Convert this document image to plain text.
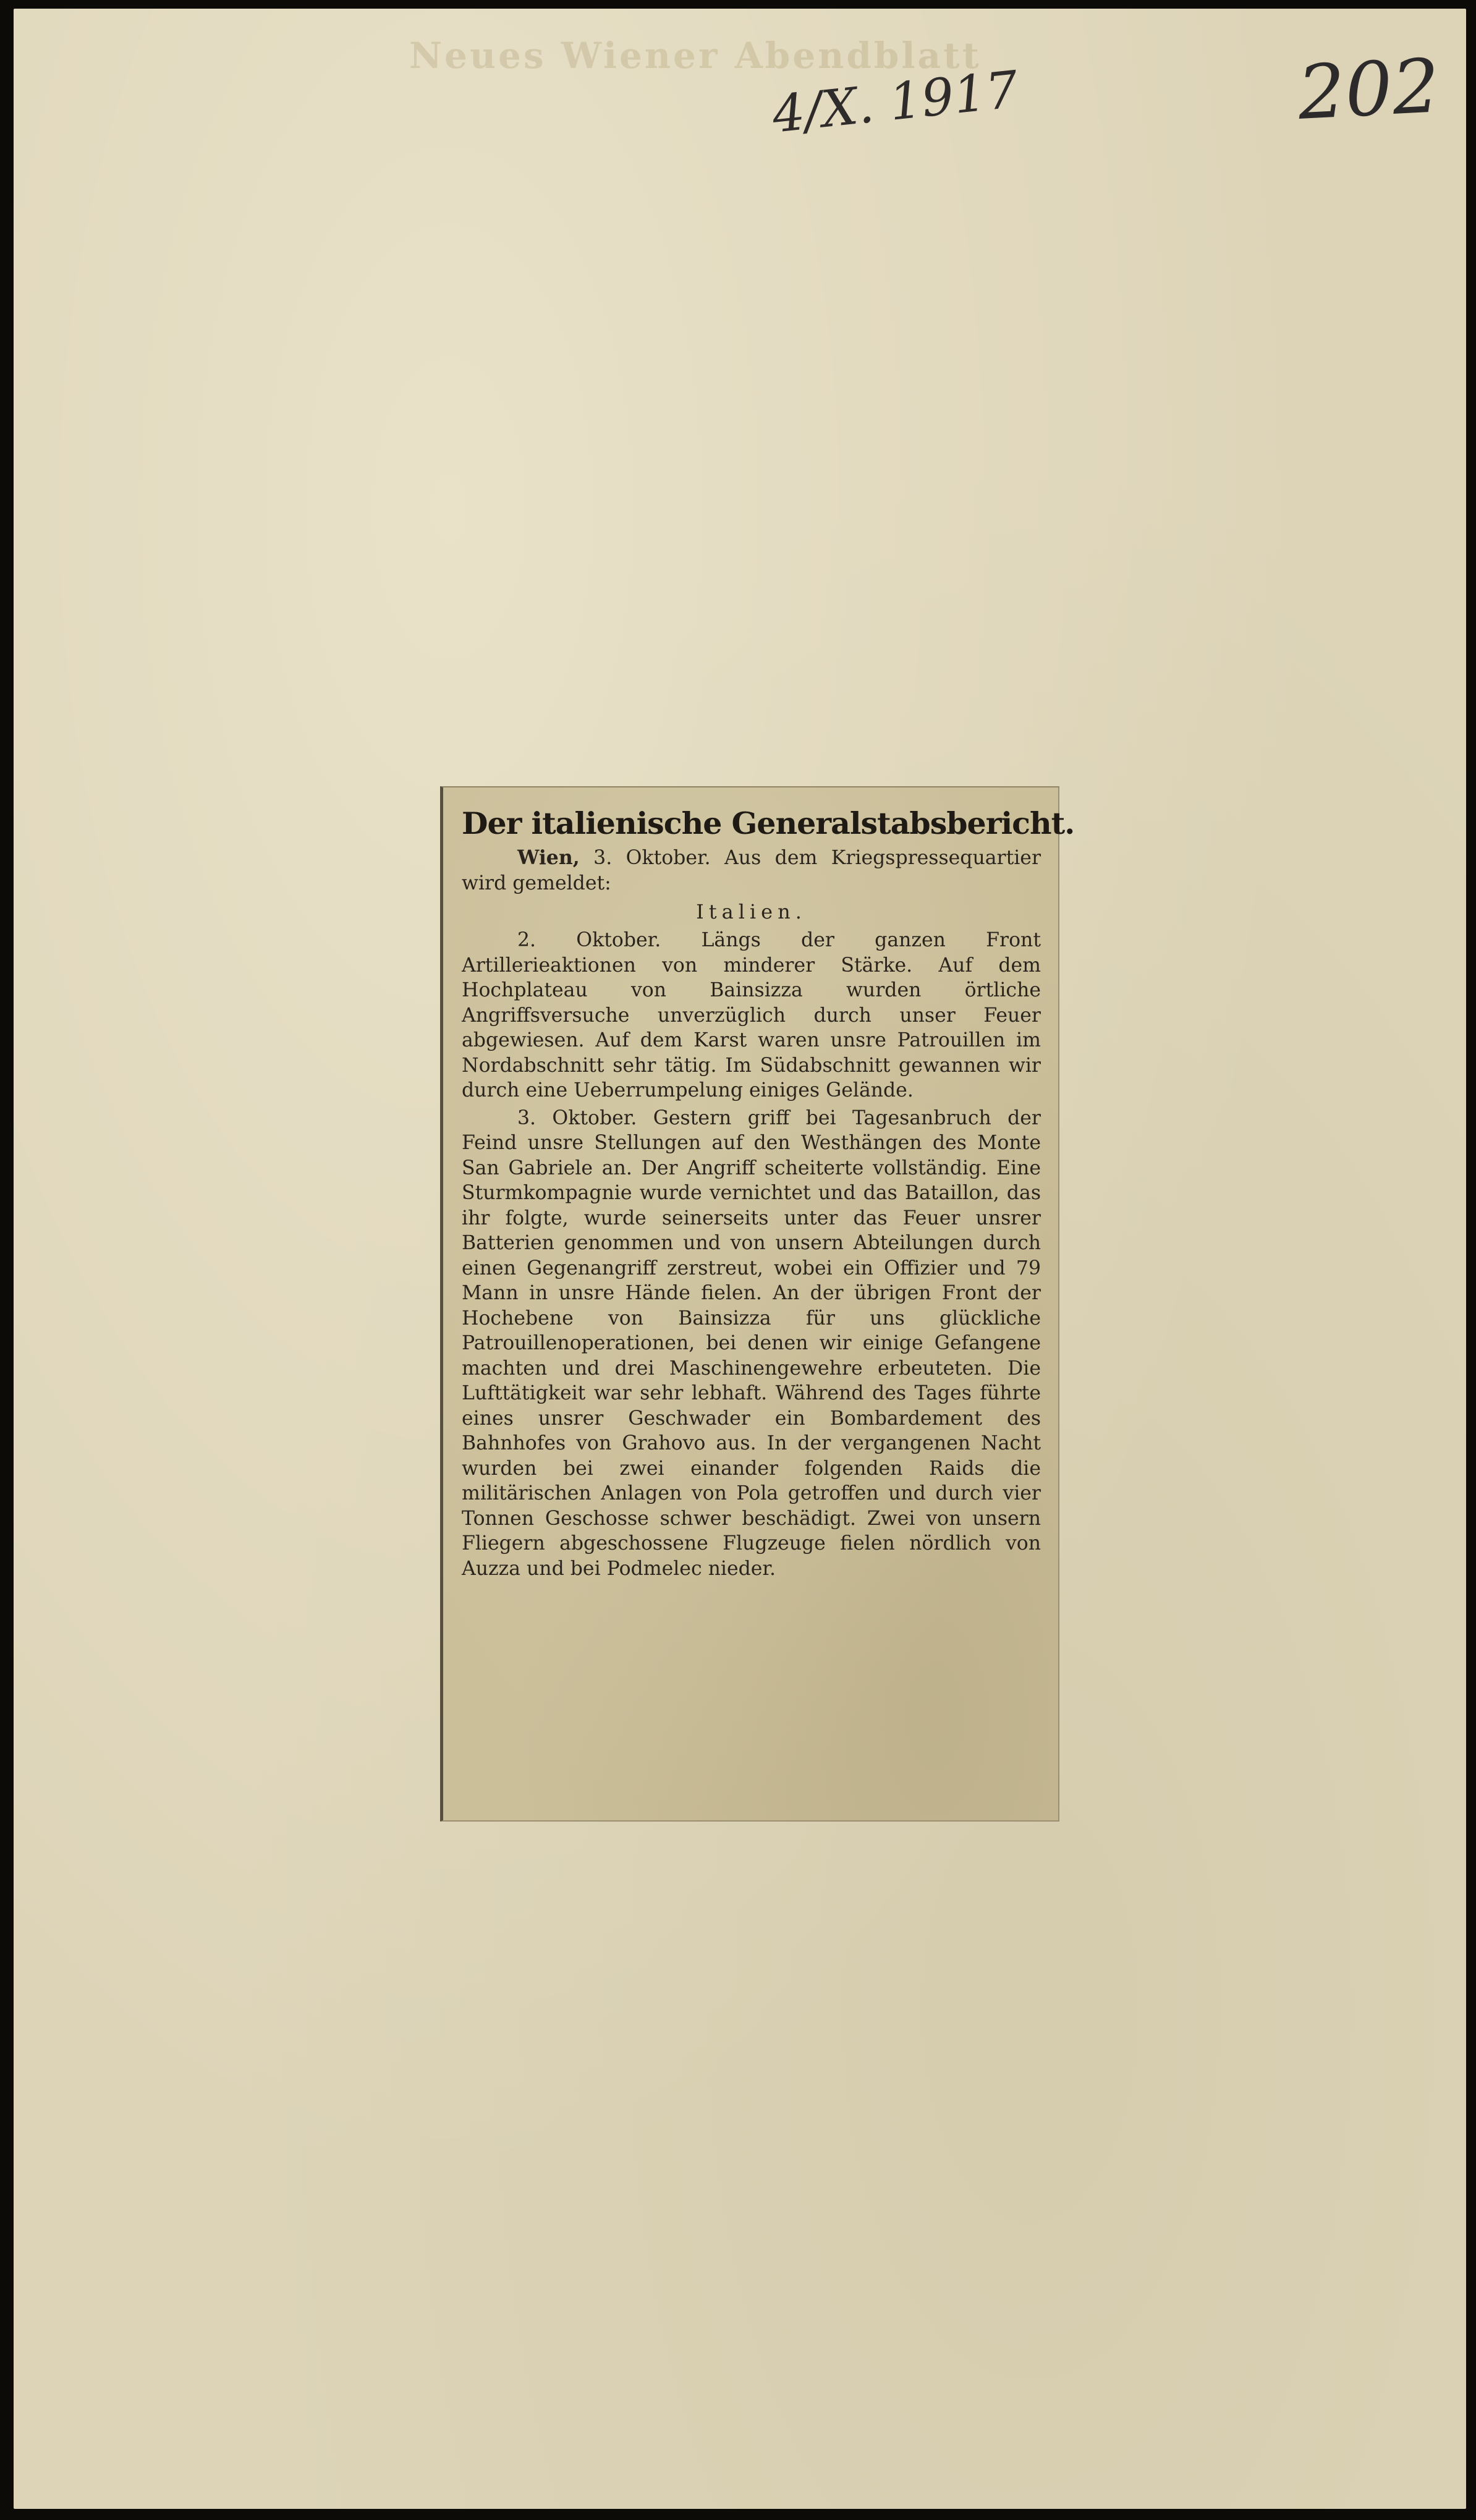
Neues Wiener Abendblatt
4/X. 1917	202
Der italienische Generalstabsbericht.

Wien, 3. Oktober. Aus dem Kriegspressequartier wird gemeldet:

Italien.

2. Oktober. Längs der ganzen Front Artillerieaktionen von minderer Stärke. Auf dem Hochplateau von Bainsizza wurden örtliche Angriffsversuche unverzüglich durch unser Feuer abgewiesen. Auf dem Karst waren unsre Patrouillen im Nordabschnitt sehr tätig. Im Südabschnitt gewannen wir durch eine Ueberrumpelung einiges Gelände.

3. Oktober. Gestern griff bei Tagesanbruch der Feind unsre Stellungen auf den Westhängen des Monte San Gabriele an. Der Angriff scheiterte vollständig. Eine Sturmkompagnie wurde vernichtet und das Bataillon, das ihr folgte, wurde seinerseits unter das Feuer unsrer Batterien genommen und von unsern Abteilungen durch einen Gegenangriff zerstreut, wobei ein Offizier und 79 Mann in unsre Hände fielen. An der übrigen Front der Hochebene von Bainsizza für uns glückliche Patrouillenoperationen, bei denen wir einige Gefangene machten und drei Maschinengewehre erbeuteten. Die Lufttätigkeit war sehr lebhaft. Während des Tages führte eines unsrer Geschwader ein Bombardement des Bahnhofes von Grahovo aus. In der vergangenen Nacht wurden bei zwei einander folgenden Raids die militärischen Anlagen von Pola getroffen und durch vier Tonnen Geschosse schwer beschädigt. Zwei von unsern Fliegern abgeschossene Flugzeuge fielen nördlich von Auzza und bei Podmelec nieder.
